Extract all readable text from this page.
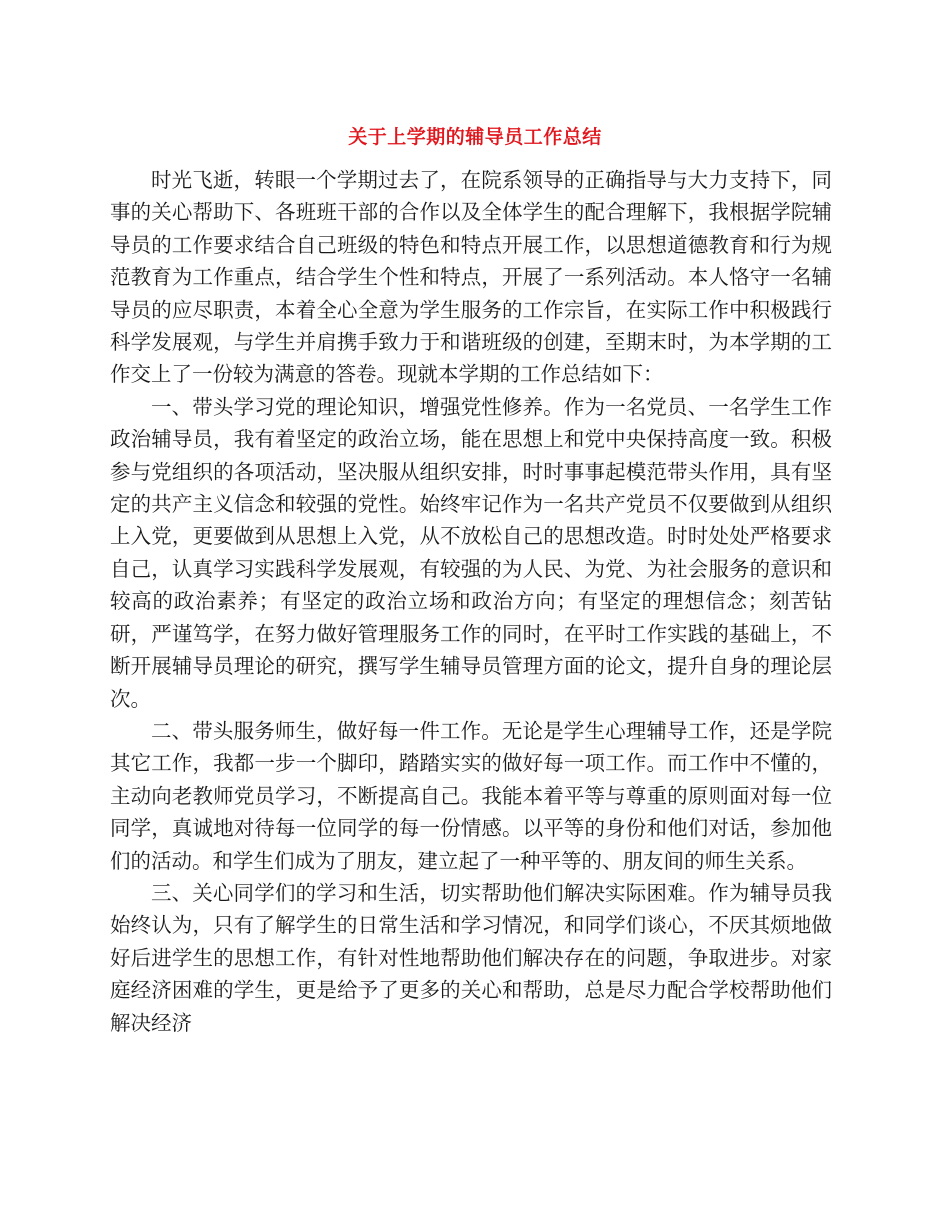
关于上学期的辅导员工作总结

时光飞逝，转眼一个学期过去了，在院系领导的正确指导与大力支持下，同事的关心帮助下、各班班干部的合作以及全体学生的配合理解下，我根据学院辅导员的工作要求结合自己班级的特色和特点开展工作，以思想道德教育和行为规范教育为工作重点，结合学生个性和特点，开展了一系列活动。本人恪守一名辅导员的应尽职责，本着全心全意为学生服务的工作宗旨，在实际工作中积极践行科学发展观，与学生并肩携手致力于和谐班级的创建，至期末时，为本学期的工作交上了一份较为满意的答卷。现就本学期的工作总结如下：

一、带头学习党的理论知识，增强党性修养。作为一名党员、一名学生工作政治辅导员，我有着坚定的政治立场，能在思想上和党中央保持高度一致。积极参与党组织的各项活动，坚决服从组织安排，时时事事起模范带头作用，具有坚定的共产主义信念和较强的党性。始终牢记作为一名共产党员不仅要做到从组织上入党，更要做到从思想上入党，从不放松自己的思想改造。时时处处严格要求自己，认真学习实践科学发展观，有较强的为人民、为党、为社会服务的意识和较高的政治素养；有坚定的政治立场和政治方向；有坚定的理想信念；刻苦钻研，严谨笃学，在努力做好管理服务工作的同时，在平时工作实践的基础上，不断开展辅导员理论的研究，撰写学生辅导员管理方面的论文，提升自身的理论层次。

二、带头服务师生，做好每一件工作。无论是学生心理辅导工作，还是学院其它工作，我都一步一个脚印，踏踏实实的做好每一项工作。而工作中不懂的，主动向老教师党员学习，不断提高自己。我能本着平等与尊重的原则面对每一位同学，真诚地对待每一位同学的每一份情感。以平等的身份和他们对话，参加他们的活动。和学生们成为了朋友，建立起了一种平等的、朋友间的师生关系。

三、关心同学们的学习和生活，切实帮助他们解决实际困难。作为辅导员我始终认为，只有了解学生的日常生活和学习情况，和同学们谈心，不厌其烦地做好后进学生的思想工作，有针对性地帮助他们解决存在的问题，争取进步。对家庭经济困难的学生，更是给予了更多的关心和帮助，总是尽力配合学校帮助他们解决经济
